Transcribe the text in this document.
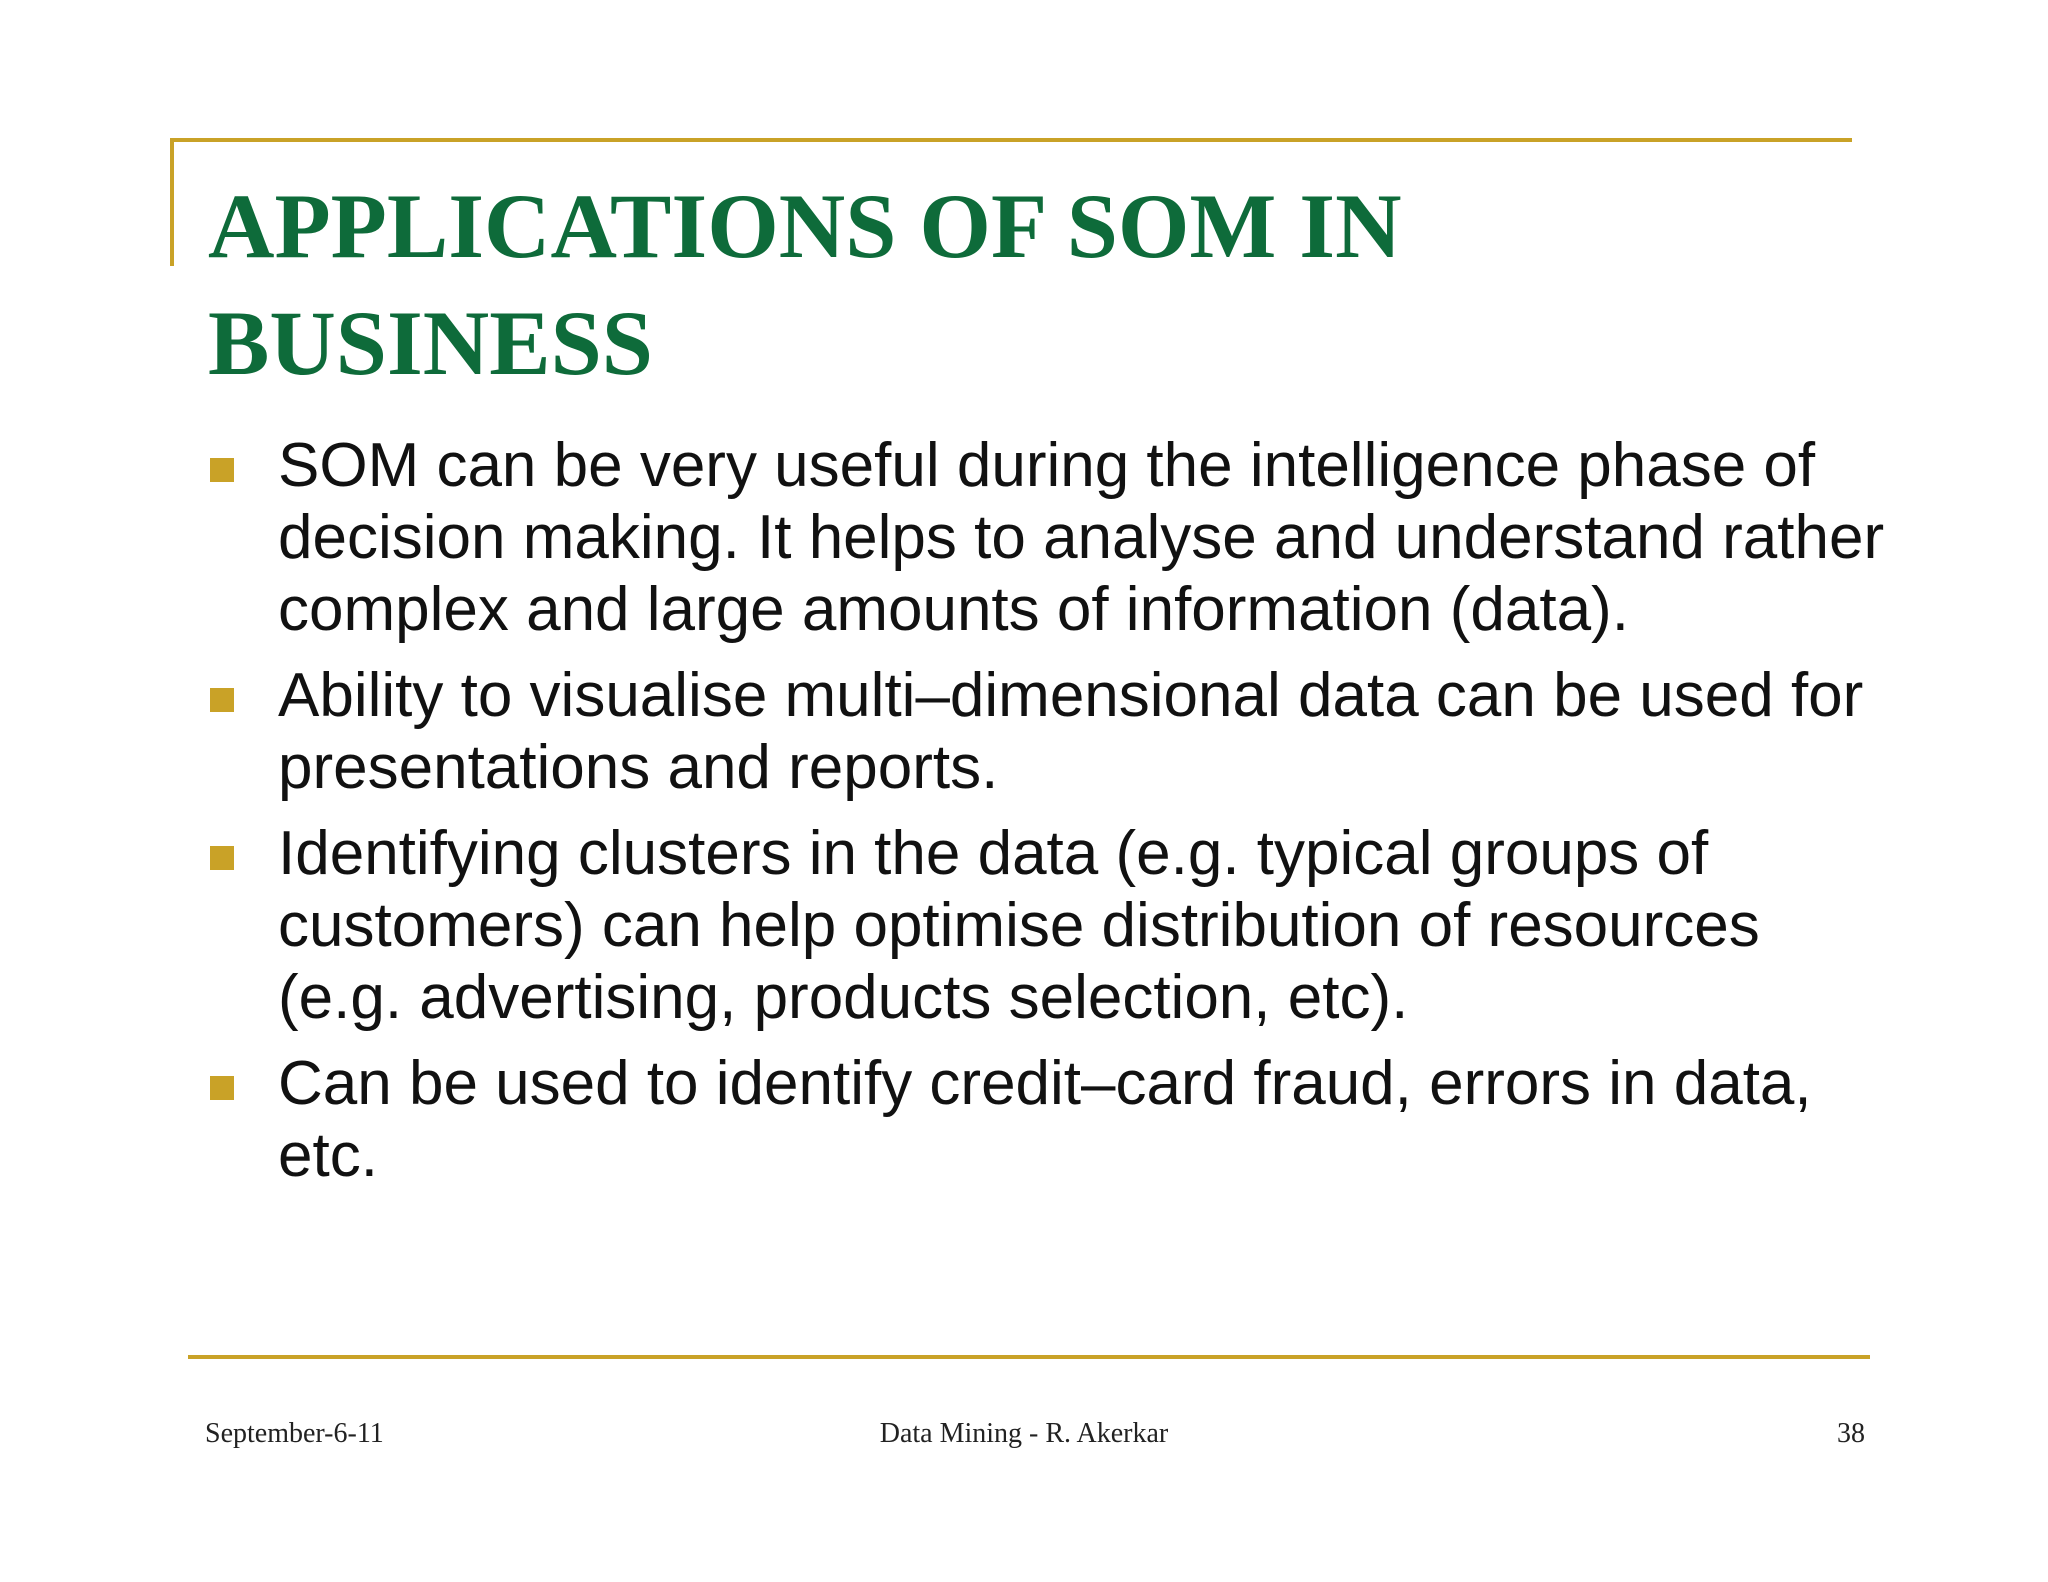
APPLICATIONS OF SOM IN BUSINESS
SOM can be very useful during the intelligence phase of decision making. It helps to analyse and understand rather complex and large amounts of information (data).
Ability to visualise multi–dimensional data can be used for presentations and reports.
Identifying clusters in the data (e.g. typical groups of customers) can help optimise distribution of resources (e.g. advertising, products selection, etc).
Can be used to identify credit–card fraud, errors in data, etc.

September-6-11	Data Mining - R. Akerkar	38
